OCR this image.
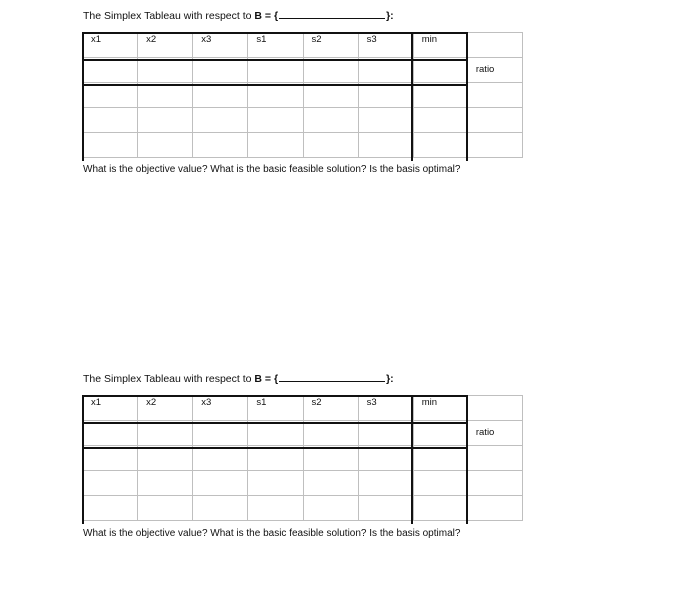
The Simplex Tableau with respect to B = {	}:
x1	x2	x3	s1	s2	s3	min	
							ratio

What is the objective value? What is the basic feasible solution? Is the basis optimal?
The Simplex Tableau with respect to B = {	}:
x1	x2	x3	s1	s2	s3	min	
							ratio

What is the objective value? What is the basic feasible solution? Is the basis optimal?
